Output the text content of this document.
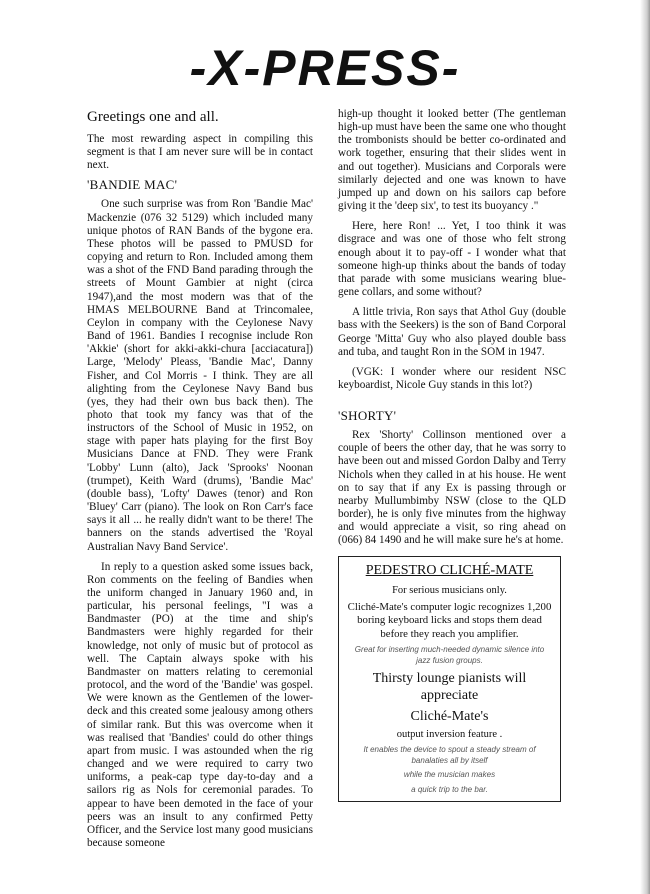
-X-PRESS-
Greetings one and all.

The most rewarding aspect in compiling this segment is that I am never sure will be in contact next.

'BANDIE MAC'

One such surprise was from Ron 'Bandie Mac' Mackenzie (076 32 5129) which included many unique photos of RAN Bands of the bygone era. These photos will be passed to PMUSD for copying and return to Ron. Included among them was a shot of the FND Band parading through the streets of Mount Gambier at night (circa 1947),and the most modern was that of the HMAS MELBOURNE Band at Trincomalee, Ceylon in company with the Ceylonese Navy Band of 1961. Bandies I recognise include Ron 'Akkie' (short for akki-akki-chura [acciacatura]) Large, 'Melody' Pleass, 'Bandie Mac', Danny Fisher, and Col Morris - I think. They are all alighting from the Ceylonese Navy Band bus (yes, they had their own bus back then). The photo that took my fancy was that of the instructors of the School of Music in 1952, on stage with paper hats playing for the first Boy Musicians Dance at FND. They were Frank 'Lobby' Lunn (alto), Jack 'Sprooks' Noonan (trumpet), Keith Ward (drums), 'Bandie Mac' (double bass), 'Lofty' Dawes (tenor) and Ron 'Bluey' Carr (piano). The look on Ron Carr's face says it all ... he really didn't want to be there! The banners on the stands advertised the 'Royal Australian Navy Band Service'.

In reply to a question asked some issues back, Ron comments on the feeling of Bandies when the uniform changed in January 1960 and, in particular, his personal feelings, "I was a Bandmaster (PO) at the time and ship's Bandmasters were highly regarded for their knowledge, not only of music but of protocol as well. The Captain always spoke with his Bandmaster on matters relating to ceremonial protocol, and the word of the 'Bandie' was gospel. We were known as the Gentlemen of the lower-deck and this created some jealousy among others of similar rank. But this was overcome when it was realised that 'Bandies' could do other things apart from music. I was astounded when the rig changed and we were required to carry two uniforms, a peak-cap type day-to-day and a sailors rig as Nols for ceremonial parades. To appear to have been demoted in the face of your peers was an insult to any confirmed Petty Officer, and the Service lost many good musicians because someone

high-up thought it looked better (The gentleman high-up must have been the same one who thought the trombonists should be better co-ordinated and work together, ensuring that their slides went in and out together). Musicians and Corporals were similarly dejected and one was known to have jumped up and down on his sailors cap before giving it the 'deep six', to test its buoyancy ."

Here, here Ron! ... Yet, I too think it was disgrace and was one of those who felt strong enough about it to pay-off - I wonder what that someone high-up thinks about the bands of today that parade with some musicians wearing blue-gene collars, and some without?

A little trivia, Ron says that Athol Guy (double bass with the Seekers) is the son of Band Corporal George 'Mitta' Guy who also played double bass and tuba, and taught Ron in the SOM in 1947.

(VGK: I wonder where our resident NSC keyboardist, Nicole Guy stands in this lot?)

'SHORTY'

Rex 'Shorty' Collinson mentioned over a couple of beers the other day, that he was sorry to have been out and missed Gordon Dalby and Terry Nichols when they called in at his house. He went on to say that if any Ex is passing through or nearby Mullumbimby NSW (close to the QLD border), he is only five minutes from the highway and would appreciate a visit, so ring ahead on (066) 84 1490 and he will make sure he's at home.

PEDESTRO CLICHÉ-MATE
For serious musicians only.
Cliché-Mate's computer logic recognizes 1,200 boring keyboard licks and stops them dead before they reach you amplifier.
Great for inserting much-needed dynamic silence into jazz fusion groups.
Thirsty lounge pianists will appreciate
Cliché-Mate's
output inversion feature .
It enables the device to spout a steady stream of banalaties all by itself
while the musician makes
a quick trip to the bar.
